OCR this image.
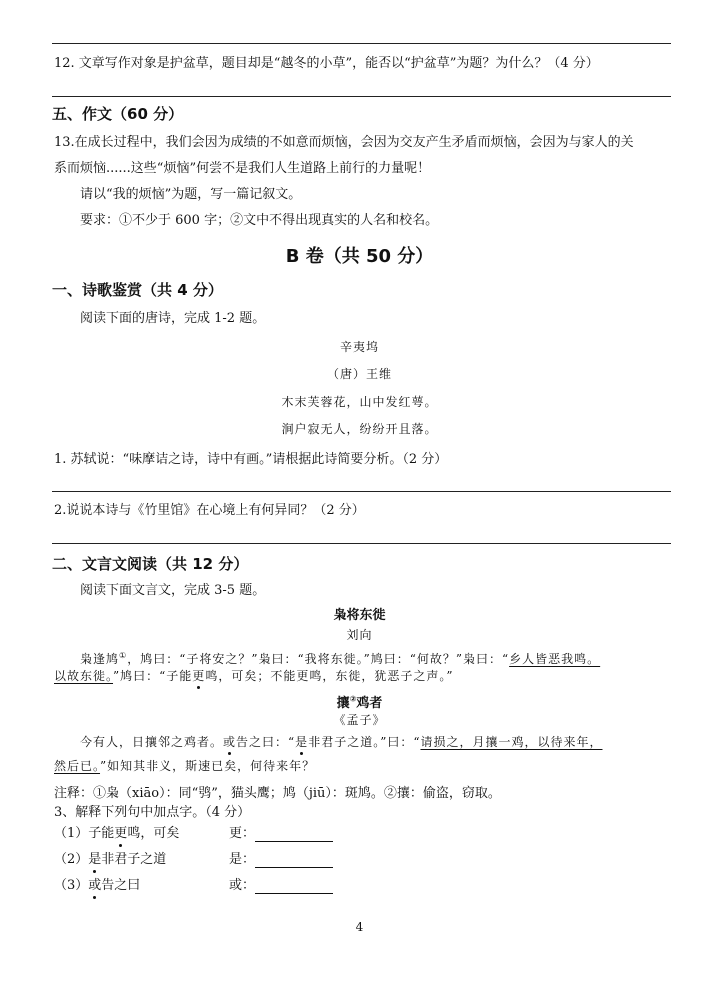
12. 文章写作对象是护盆草，题目却是“越冬的小草”，能否以“护盆草”为题？为什么？（4 分）
五、作文（60 分）
13.在成长过程中，我们会因为成绩的不如意而烦恼，会因为交友产生矛盾而烦恼，会因为与家人的关
系而烦恼......这些“烦恼”何尝不是我们人生道路上前行的力量呢！
请以“我的烦恼”为题，写一篇记叙文。
要求：①不少于 600 字；②文中不得出现真实的人名和校名。
B 卷（共 50 分）
一、诗歌鉴赏（共 4 分）
阅读下面的唐诗，完成 1-2 题。
辛夷坞
（唐）王维
木末芙蓉花，山中发红萼。
涧户寂无人，纷纷开且落。
1. 苏轼说：“味摩诘之诗，诗中有画。”请根据此诗简要分析。（2 分）
2.说说本诗与《竹里馆》在心境上有何异同？（2 分）
二、文言文阅读（共 12 分）
阅读下面文言文，完成 3-5 题。
枭将东徙
刘向
枭逢鸠①，鸠曰：“子将安之？”枭曰：“我将东徙。”鸠曰：“何故？”枭曰：“乡人皆恶我鸣。
以故东徙。”鸠曰：“子能更鸣，可矣；不能更鸣，东徙，犹恶子之声。”
攘②鸡者
《孟子》
今有人，日攘邻之鸡者。或告之曰：“是非君子之道。”曰：“请损之，月攘一鸡，以待来年，
然后已。”如知其非义，斯速已矣，何待来年？
注释：①枭（xiāo）：同“鸮”，猫头鹰；鸠（jiū）：斑鸠。②攘：偷盗，窃取。
3、解释下列句中加点字。（4 分）
（1）子能更鸣，可矣	更：
（2）是非君子之道	是：
（3）或告之曰	或：
4
